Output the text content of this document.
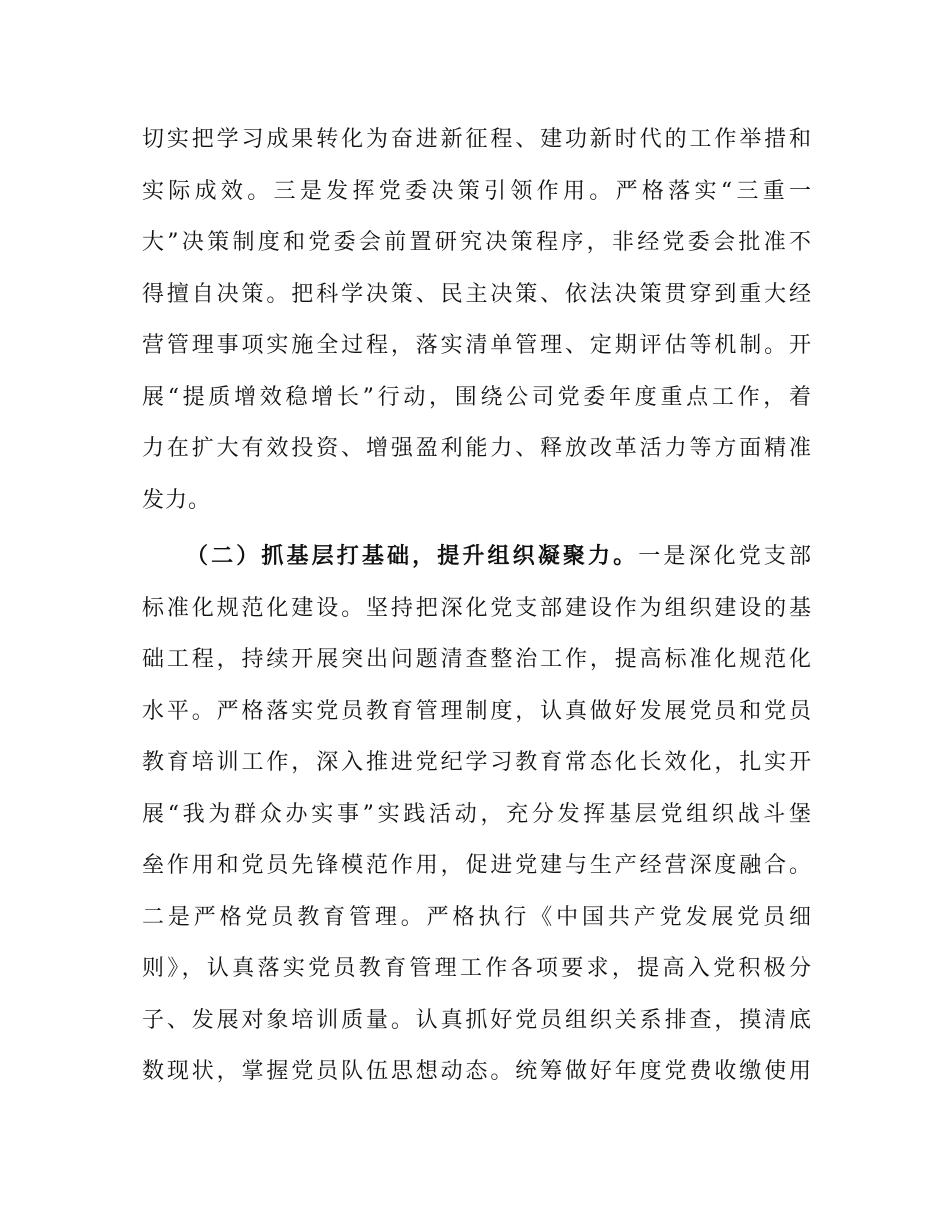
切实把学习成果转化为奋进新征程、建功新时代的工作举措和
实际成效。三是发挥党委决策引领作用。严格落实“三重一
大”决策制度和党委会前置研究决策程序，非经党委会批准不
得擅自决策。把科学决策、民主决策、依法决策贯穿到重大经
营管理事项实施全过程，落实清单管理、定期评估等机制。开
展“提质增效稳增长”行动，围绕公司党委年度重点工作，着
力在扩大有效投资、增强盈利能力、释放改革活力等方面精准
发力。
（二）抓基层打基础，提升组织凝聚力。一是深化党支部
标准化规范化建设。坚持把深化党支部建设作为组织建设的基
础工程，持续开展突出问题清查整治工作，提高标准化规范化
水平。严格落实党员教育管理制度，认真做好发展党员和党员
教育培训工作，深入推进党纪学习教育常态化长效化，扎实开
展“我为群众办实事”实践活动，充分发挥基层党组织战斗堡
垒作用和党员先锋模范作用，促进党建与生产经营深度融合。
二是严格党员教育管理。严格执行《中国共产党发展党员细
则》，认真落实党员教育管理工作各项要求，提高入党积极分
子、发展对象培训质量。认真抓好党员组织关系排查，摸清底
数现状，掌握党员队伍思想动态。统筹做好年度党费收缴使用
